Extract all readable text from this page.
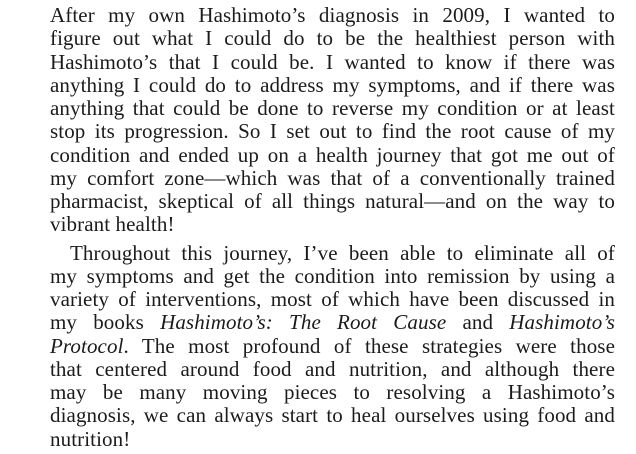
After my own Hashimoto’s diagnosis in 2009, I wanted to
figure out what I could do to be the healthiest person with
Hashimoto’s that I could be. I wanted to know if there was
anything I could do to address my symptoms, and if there was
anything that could be done to reverse my condition or at least
stop its progression. So I set out to find the root cause of my
condition and ended up on a health journey that got me out of
my comfort zone—which was that of a conventionally trained
pharmacist, skeptical of all things natural—and on the way to
vibrant health!
Throughout this journey, I’ve been able to eliminate all of
my symptoms and get the condition into remission by using a
variety of interventions, most of which have been discussed in
my books Hashimoto’s: The Root Cause and Hashimoto’s
Protocol. The most profound of these strategies were those
that centered around food and nutrition, and although there
may be many moving pieces to resolving a Hashimoto’s
diagnosis, we can always start to heal ourselves using food and
nutrition!
